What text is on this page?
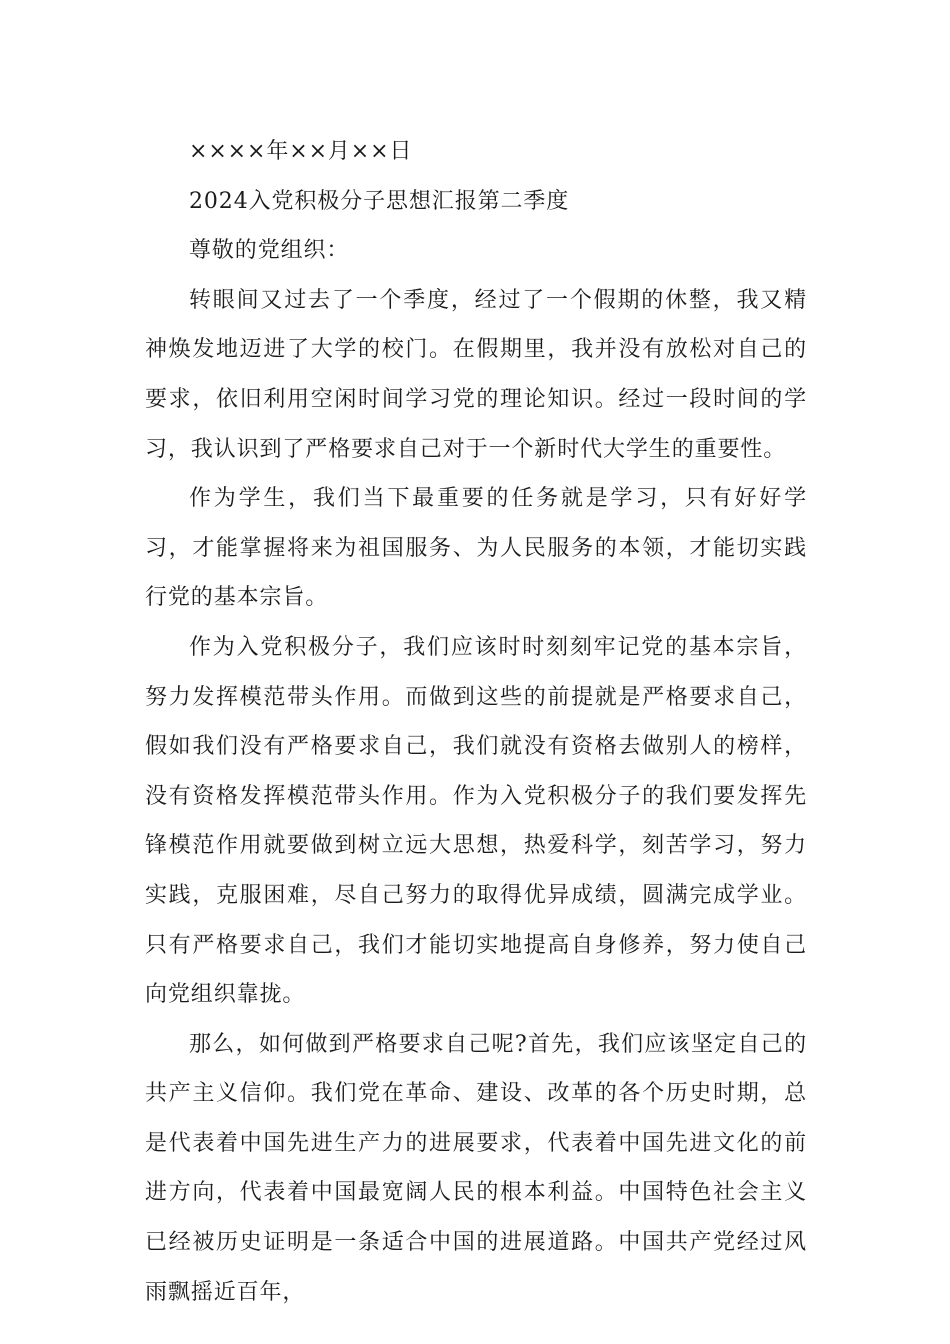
××××年××月××日

2024入党积极分子思想汇报第二季度

尊敬的党组织：

转眼间又过去了一个季度，经过了一个假期的休整，我又精神焕发地迈进了大学的校门。在假期里，我并没有放松对自己的要求，依旧利用空闲时间学习党的理论知识。经过一段时间的学习，我认识到了严格要求自己对于一个新时代大学生的重要性。

作为学生，我们当下最重要的任务就是学习，只有好好学习，才能掌握将来为祖国服务、为人民服务的本领，才能切实践行党的基本宗旨。

作为入党积极分子，我们应该时时刻刻牢记党的基本宗旨，努力发挥模范带头作用。而做到这些的前提就是严格要求自己，假如我们没有严格要求自己，我们就没有资格去做别人的榜样，没有资格发挥模范带头作用。作为入党积极分子的我们要发挥先锋模范作用就要做到树立远大思想，热爱科学，刻苦学习，努力实践，克服困难，尽自己努力的取得优异成绩，圆满完成学业。只有严格要求自己，我们才能切实地提高自身修养，努力使自己向党组织靠拢。

那么，如何做到严格要求自己呢?首先，我们应该坚定自己的共产主义信仰。我们党在革命、建设、改革的各个历史时期，总是代表着中国先进生产力的进展要求，代表着中国先进文化的前进方向，代表着中国最宽阔人民的根本利益。中国特色社会主义已经被历史证明是一条适合中国的进展道路。中国共产党经过风雨飘摇近百年，
